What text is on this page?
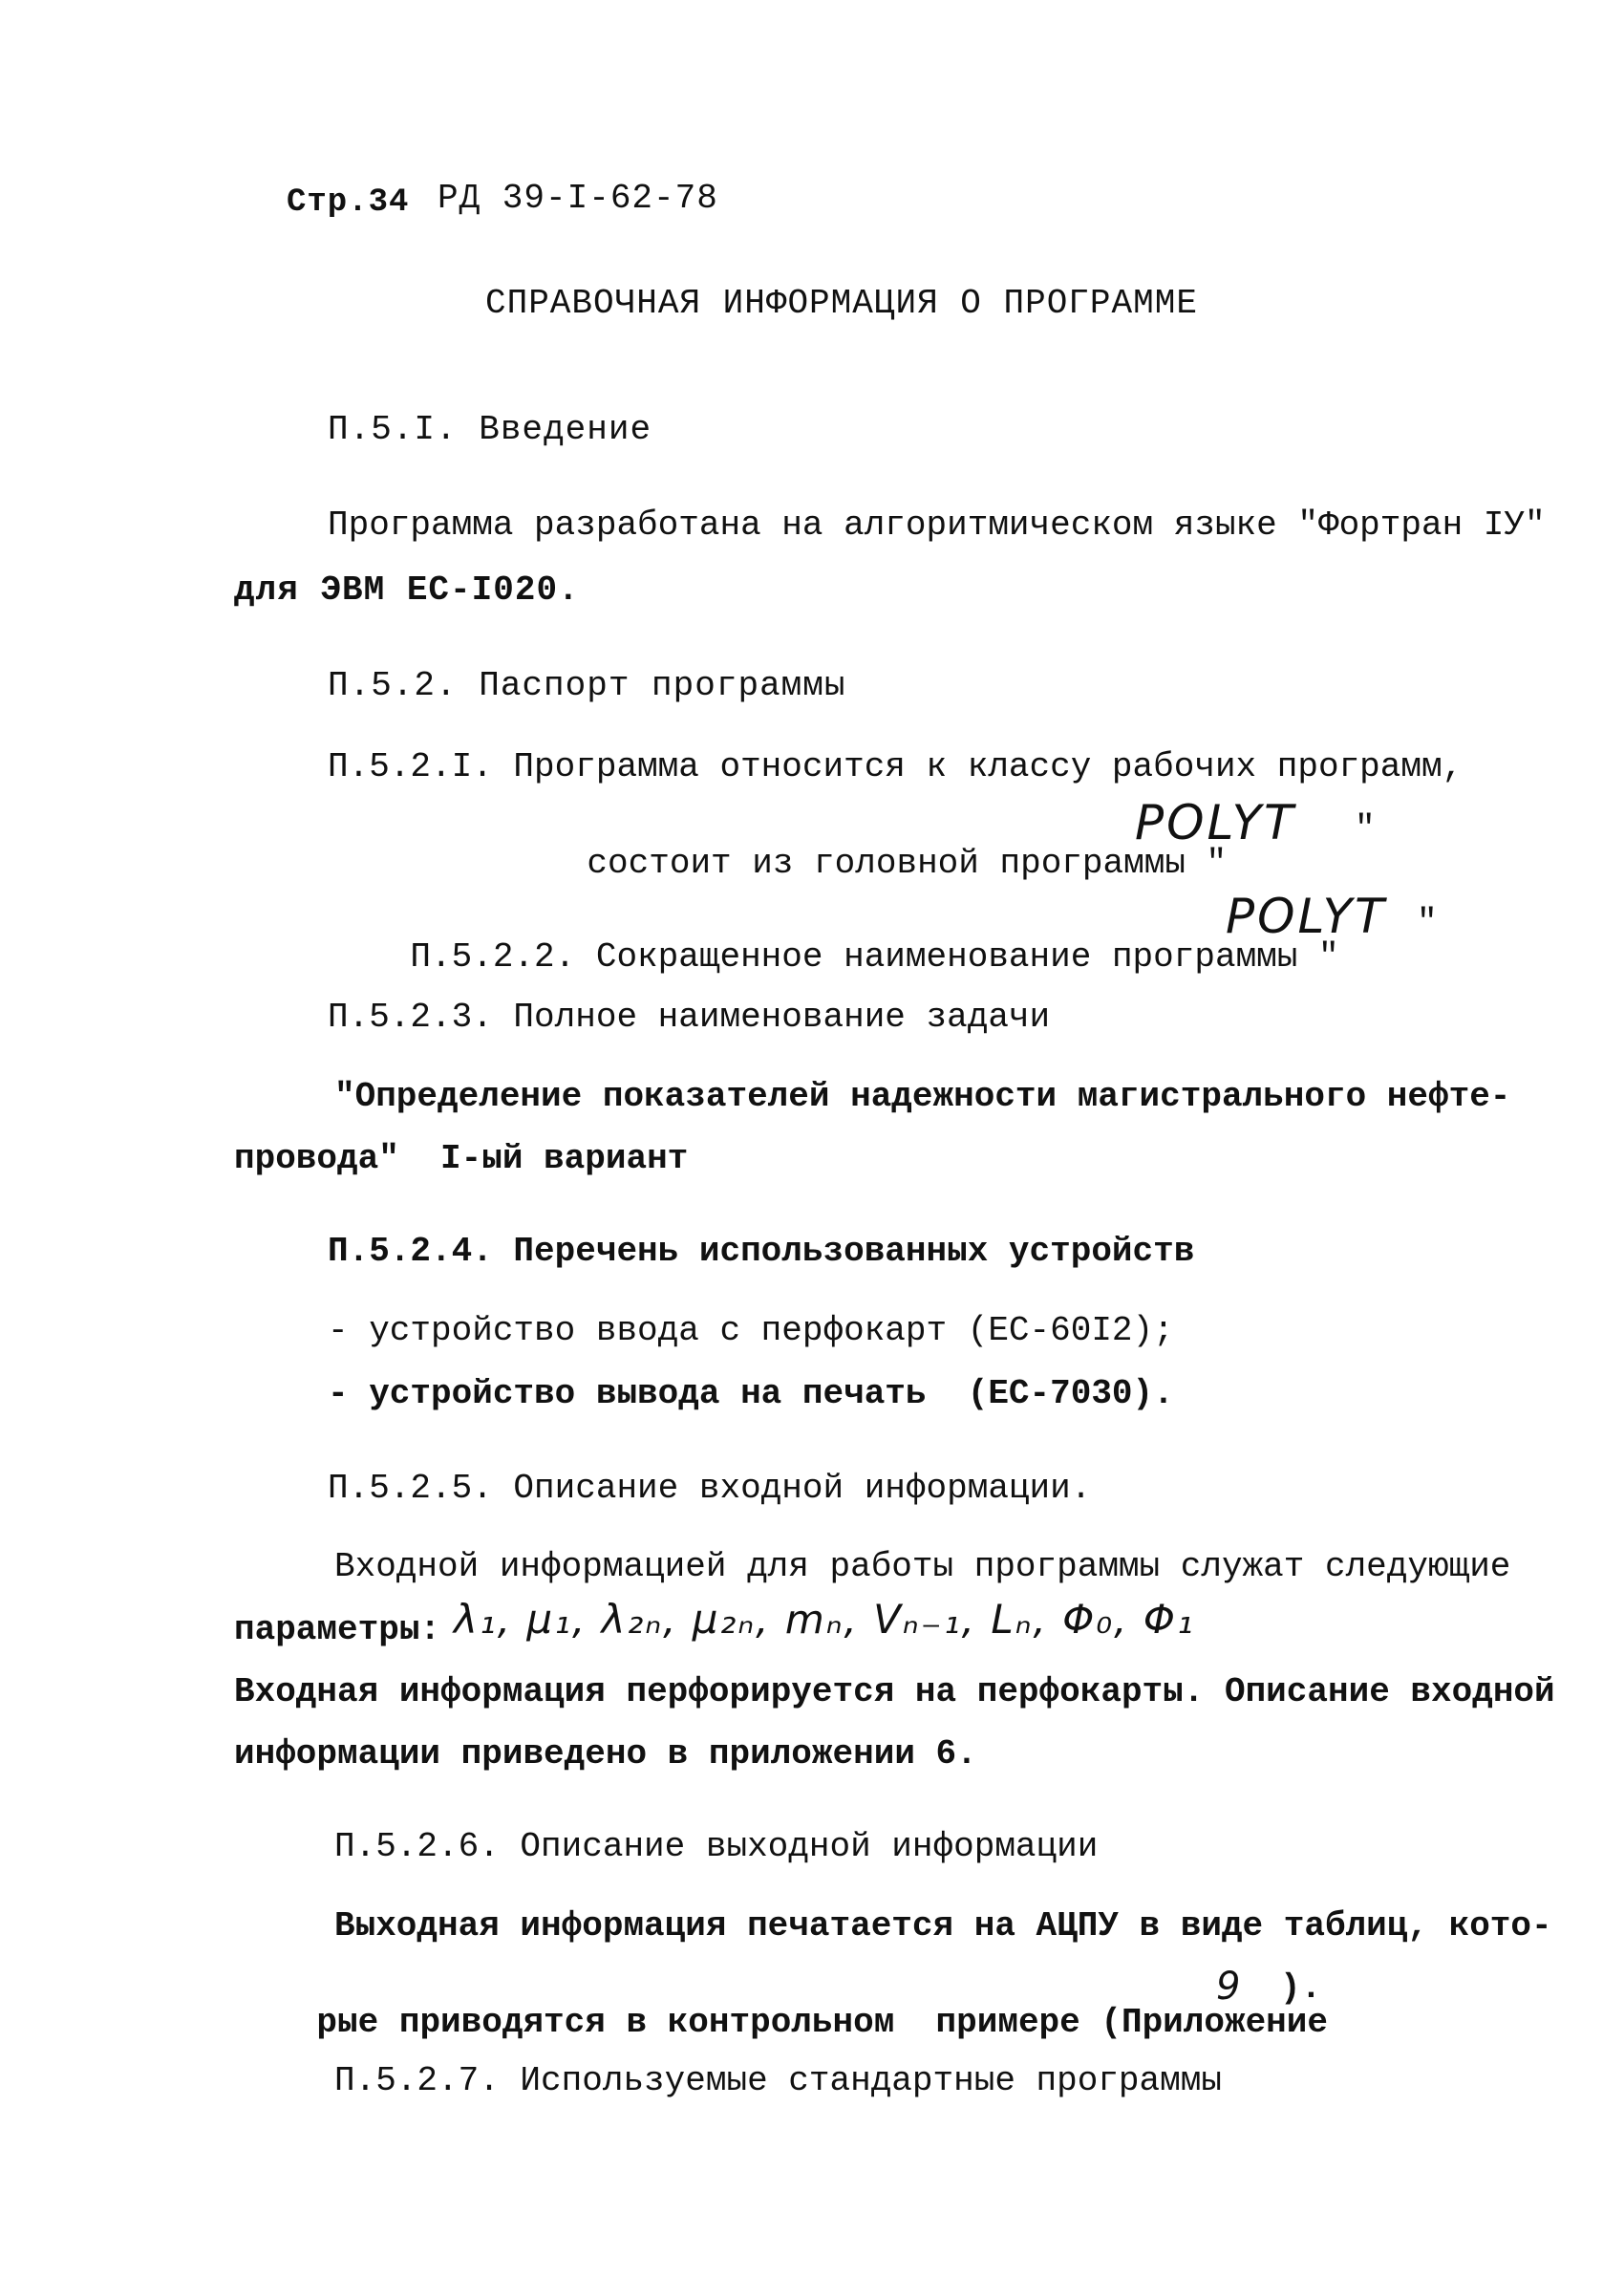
Стр.34 РД 39-I-62-78
СПРАВОЧНАЯ ИНФОРМАЦИЯ О ПРОГРАММЕ
П.5.I. Введение
Программа разработана на алгоритмическом языке "Фортран IУ"
для ЭВМ ЕС-I020.
П.5.2. Паспорт программы
П.5.2.I. Программа относится к классу рабочих программ,

состоит из головной программы "
POLYT "

П.5.2.2. Сокращенное наименование программы "
POLYT "

П.5.2.3. Полное наименование задачи
"Определение показателей надежности магистрального нефте-
провода"  I-ый вариант
П.5.2.4. Перечень использованных устройств
- устройство ввода с перфокарт (ЕС-60I2);
- устройство вывода на печать  (ЕС-7030).
П.5.2.5. Описание входной информации.
Входной информацией для работы программы служат следующие
параметры: λ₁, μ₁, λ₂ₙ, μ₂ₙ, mₙ, Vₙ₋₁, Lₙ, Φ₀, Φ₁
Входная информация перфорируется на перфокарты. Описание входной
информации приведено в приложении 6.
П.5.2.6. Описание выходной информации
Выходная информация печатается на АЦПУ в виде таблиц, кото-

рые приводятся в контрольном  примере (Приложение
9 ).

П.5.2.7. Используемые стандартные программы
